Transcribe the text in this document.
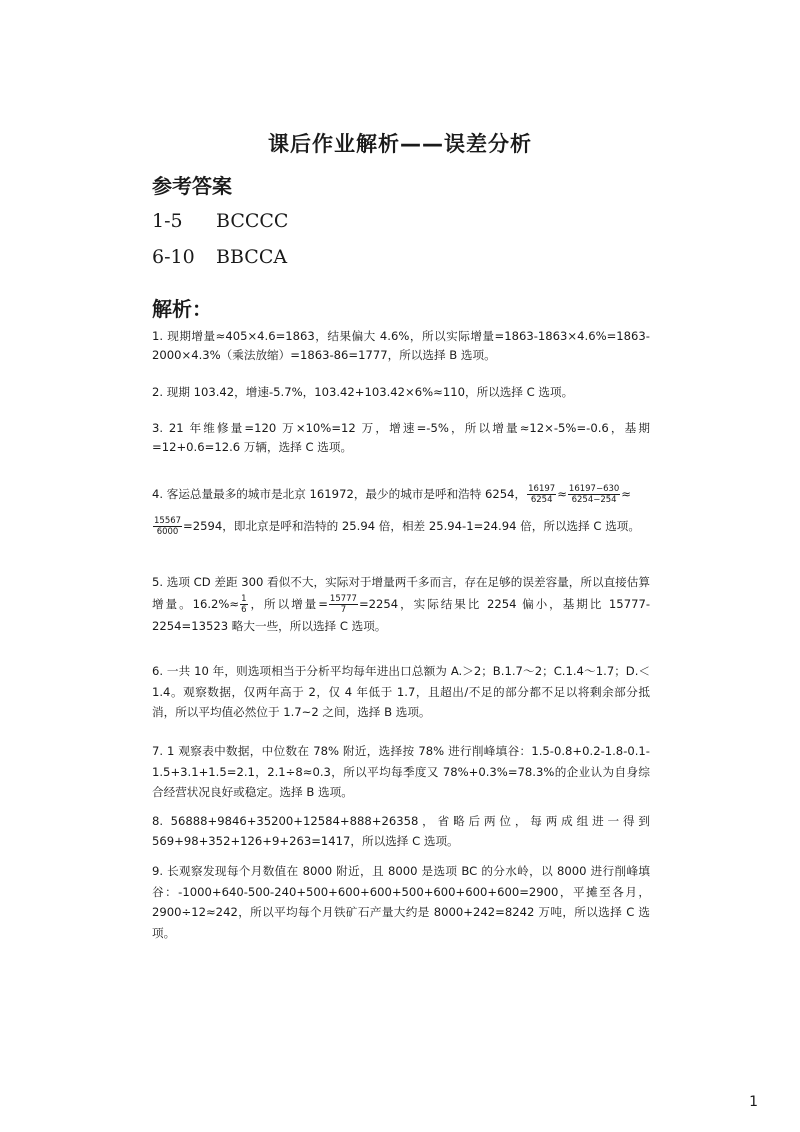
课后作业解析——误差分析
参考答案
1-5 BCCCC
6-10 BBCCA
解析：
1. 现期增量≈405×4.6=1863，结果偏大 4.6%，所以实际增量=1863-1863×4.6%=1863-2000×4.3%（乘法放缩）=1863-86=1777，所以选择 B 选项。
2. 现期 103.42，增速-5.7%，103.42+103.42×6%≈110，所以选择 C 选项。
3. 21 年维修量=120 万×10%=12 万，增速=-5%，所以增量≈12×-5%=-0.6，基期=12+0.6=12.6 万辆，选择 C 选项。
4. 客运总量最多的城市是北京 161972，最少的城市是呼和浩特 6254， $\frac{16197}{6254} \approx \frac{16197-630}{6254-254}$ ≈
$\frac{15567}{6000} =2594$，即北京是呼和浩特的 25.94 倍，相差 25.94-1=24.94 倍，所以选择 C 选项。
5. 选项 CD 差距 300 看似不大，实际对于增量两千多而言，存在足够的误差容量，所以直接估算增量。$16.2\%\approx \frac{1}{6}$ ，所以增量= $\frac{15777}{7} =2254$，实际结果比 2254 偏小，基期比 15777-2254=13523 略大一些，所以选择 C 选项。
6. 一共 10 年，则选项相当于分析平均每年进出口总额为 A.＞2；B.1.7～2；C.1.4～1.7；D.＜1.4。观察数据，仅两年高于 2，仅 4 年低于 1.7，且超出/不足的部分都不足以将剩余部分抵消，所以平均值必然位于 1.7~2 之间，选择 B 选项。
7. 1 观察表中数据，中位数在 78% 附近，选择按 78% 进行削峰填谷：1.5-0.8+0.2-1.8-0.1-1.5+3.1+1.5=2.1，2.1÷8≈0.3，所以平均每季度又 78%+0.3%=78.3%的企业认为自身综合经营状况良好或稳定。选择 B 选项。
8. 56888+9846+35200+12584+888+26358，省略后两位，每两成组进一得到 569+98+352+126+9+263=1417，所以选择 C 选项。
9. 长观察发现每个月数值在 8000 附近，且 8000 是选项 BC 的分水岭，以 8000 进行削峰填谷：-1000+640-500-240+500+600+600+500+600+600+600=2900，平摊至各月，2900÷12≈242，所以平均每个月铁矿石产量大约是 8000+242=8242 万吨，所以选择 C 选项。
1
